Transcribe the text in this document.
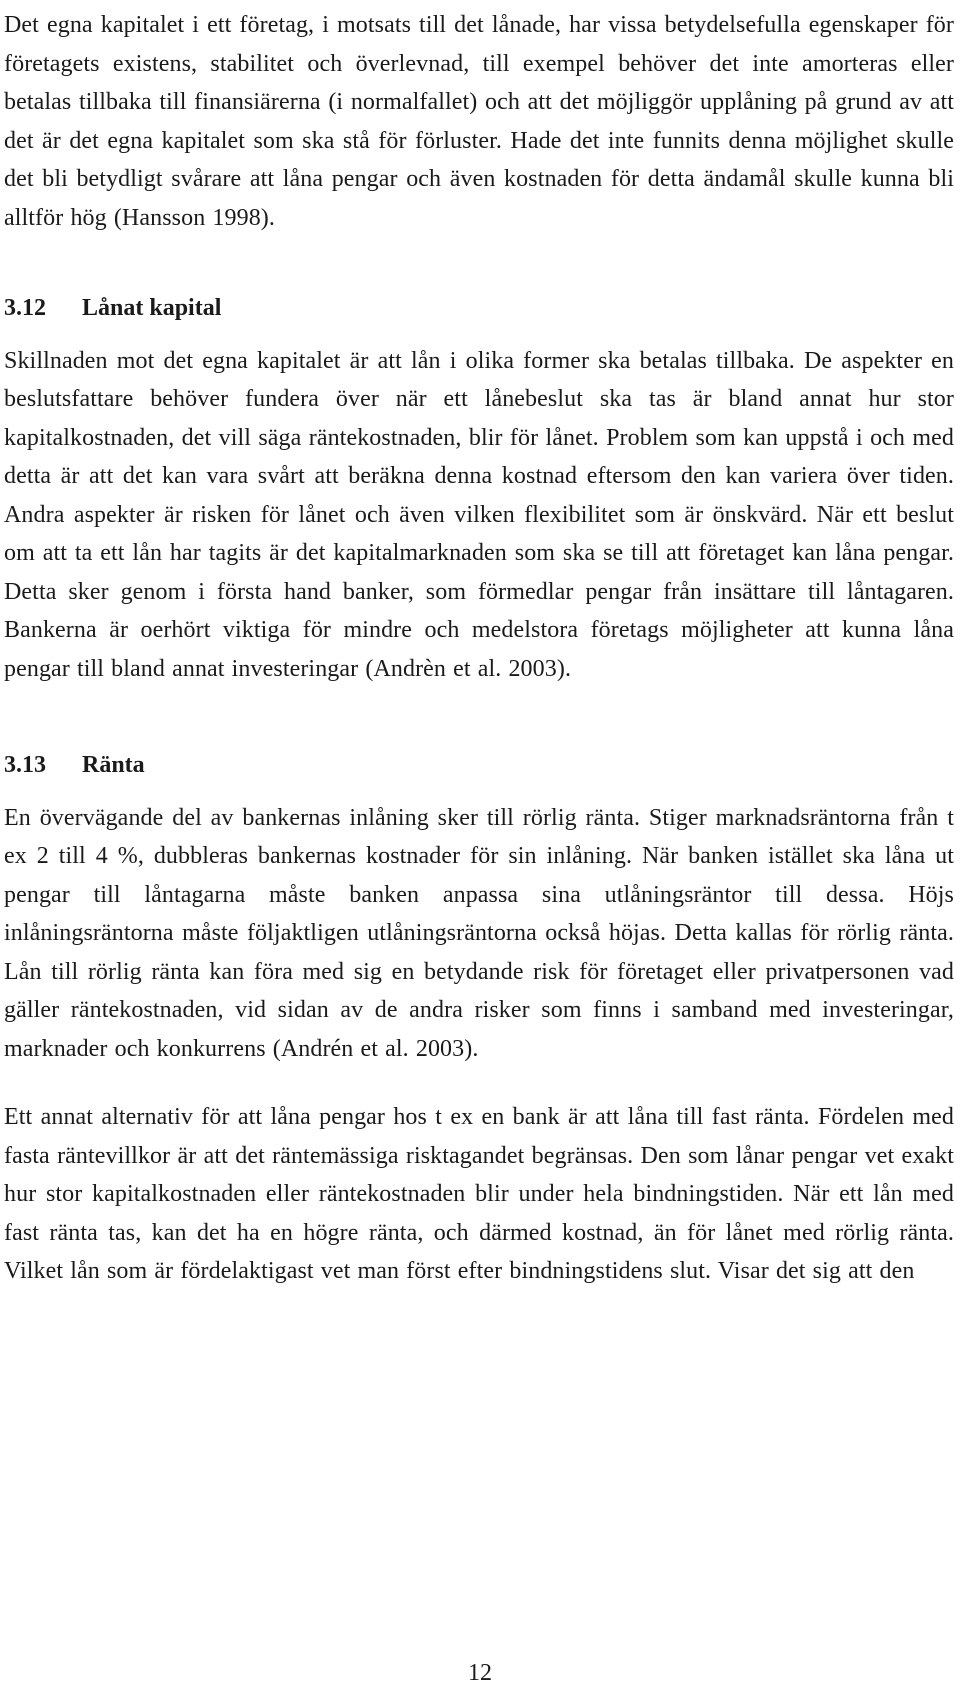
Det egna kapitalet i ett företag, i motsats till det lånade, har vissa betydelsefulla egenskaper för företagets existens, stabilitet och överlevnad, till exempel behöver det inte amorteras eller betalas tillbaka till finansiärerna (i normalfallet) och att det möjliggör upplåning på grund av att det är det egna kapitalet som ska stå för förluster. Hade det inte funnits denna möjlighet skulle det bli betydligt svårare att låna pengar och även kostnaden för detta ändamål skulle kunna bli alltför hög (Hansson 1998).

3.12	Lånat kapital

Skillnaden mot det egna kapitalet är att lån i olika former ska betalas tillbaka. De aspekter en beslutsfattare behöver fundera över när ett lånebeslut ska tas är bland annat hur stor kapitalkostnaden, det vill säga räntekostnaden, blir för lånet. Problem som kan uppstå i och med detta är att det kan vara svårt att beräkna denna kostnad eftersom den kan variera över tiden. Andra aspekter är risken för lånet och även vilken flexibilitet som är önskvärd. När ett beslut om att ta ett lån har tagits är det kapitalmarknaden som ska se till att företaget kan låna pengar. Detta sker genom i första hand banker, som förmedlar pengar från insättare till låntagaren. Bankerna är oerhört viktiga för mindre och medelstora företags möjligheter att kunna låna pengar till bland annat investeringar (Andrèn et al. 2003).

3.13	Ränta

En övervägande del av bankernas inlåning sker till rörlig ränta. Stiger marknadsräntorna från t ex 2 till 4 %, dubbleras bankernas kostnader för sin inlåning. När banken istället ska låna ut pengar till låntagarna måste banken anpassa sina utlåningsräntor till dessa. Höjs inlåningsräntorna måste följaktligen utlåningsräntorna också höjas. Detta kallas för rörlig ränta. Lån till rörlig ränta kan föra med sig en betydande risk för företaget eller privatpersonen vad gäller räntekostnaden, vid sidan av de andra risker som finns i samband med investeringar, marknader och konkurrens (Andrén et al. 2003).

Ett annat alternativ för att låna pengar hos t ex en bank är att låna till fast ränta. Fördelen med fasta räntevillkor är att det räntemässiga risktagandet begränsas. Den som lånar pengar vet exakt hur stor kapitalkostnaden eller räntekostnaden blir under hela bindningstiden. När ett lån med fast ränta tas, kan det ha en högre ränta, och därmed kostnad, än för lånet med rörlig ränta. Vilket lån som är fördelaktigast vet man först efter bindningstidens slut. Visar det sig att den

12
